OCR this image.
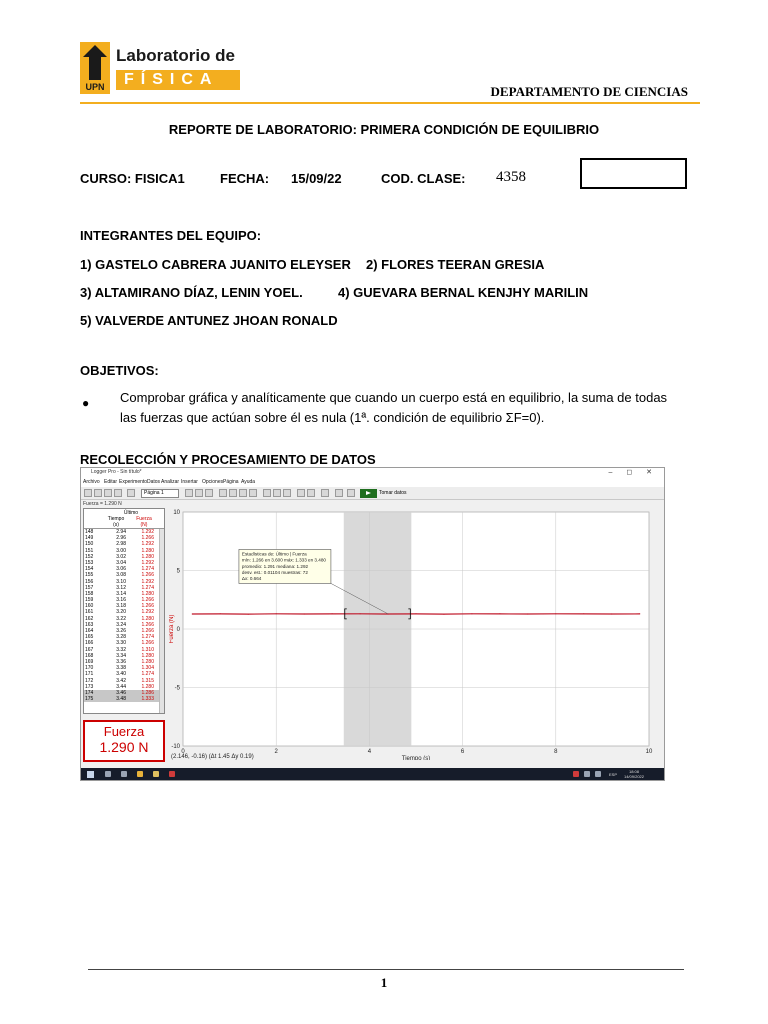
UPN
Laboratorio de
FÍSICA
DEPARTAMENTO DE CIENCIAS
REPORTE DE LABORATORIO: PRIMERA CONDICIÓN DE EQUILIBRIO
CURSO: FISICA1	FECHA: 15/09/22	COD. CLASE: 4358
INTEGRANTES DEL EQUIPO:
1) GASTELO CABRERA JUANITO ELEYSER 2) FLORES TEERAN GRESIA
3) ALTAMIRANO DÍAZ, LENIN YOEL.	4) GUEVARA BERNAL KENJHY MARILIN
5) VALVERDE ANTUNEZ JHOAN RONALD
OBJETIVOS:
● Comprobar gráfica y analíticamente que cuando un cuerpo está en equilibrio, la suma de todas las fuerzas que actúan sobre él es nula (1ª. condición de equilibrio ΣF=0).
RECOLECCIÓN Y PROCESAMIENTO DE DATOS
Logger Pro - Sin título*	– ◻ ✕
Archivo Editar Experimento Datos Analizar Insertar Opciones Página Ayuda
Página 1	Tomar datos
Fuerza = 1.290 N
Último
Tiempo
(s)
Fuerza
(N)
148	2.94	1.292
149	2.96	1.266
150	2.98	1.292
151	3.00	1.280
152	3.02	1.280
153	3.04	1.292
154	3.06	1.274
155	3.08	1.266
156	3.10	1.292
157	3.12	1.274
158	3.14	1.280
159	3.16	1.266
160	3.18	1.266
161	3.20	1.292
162	3.22	1.280
163	3.24	1.266
164	3.26	1.266
165	3.28	1.274
166	3.30	1.266
167	3.32	1.310
168	3.34	1.280
169	3.36	1.280
170	3.38	1.304
171	3.40	1.274
172	3.42	1.315
173	3.44	1.280
174	3.46	1.286
175	3.48	1.333
Fuerza
1.290 N	0	2	4	6	8	10
-10
-5
0
5
10
Tiempo (s)
Fuerza (N)
Estadísticas de: Último | Fuerza
mín: 1.266 en 3.600 máx: 1.333 en 3.480
promedio: 1.291 mediana: 1.292
desv. est.: 0.01104 muestras: 72
Δx: 0.664
(2.146, -0.16) (Δt 1.45 Δy 0.19)
ESP
18:08
14/09/2022
1
